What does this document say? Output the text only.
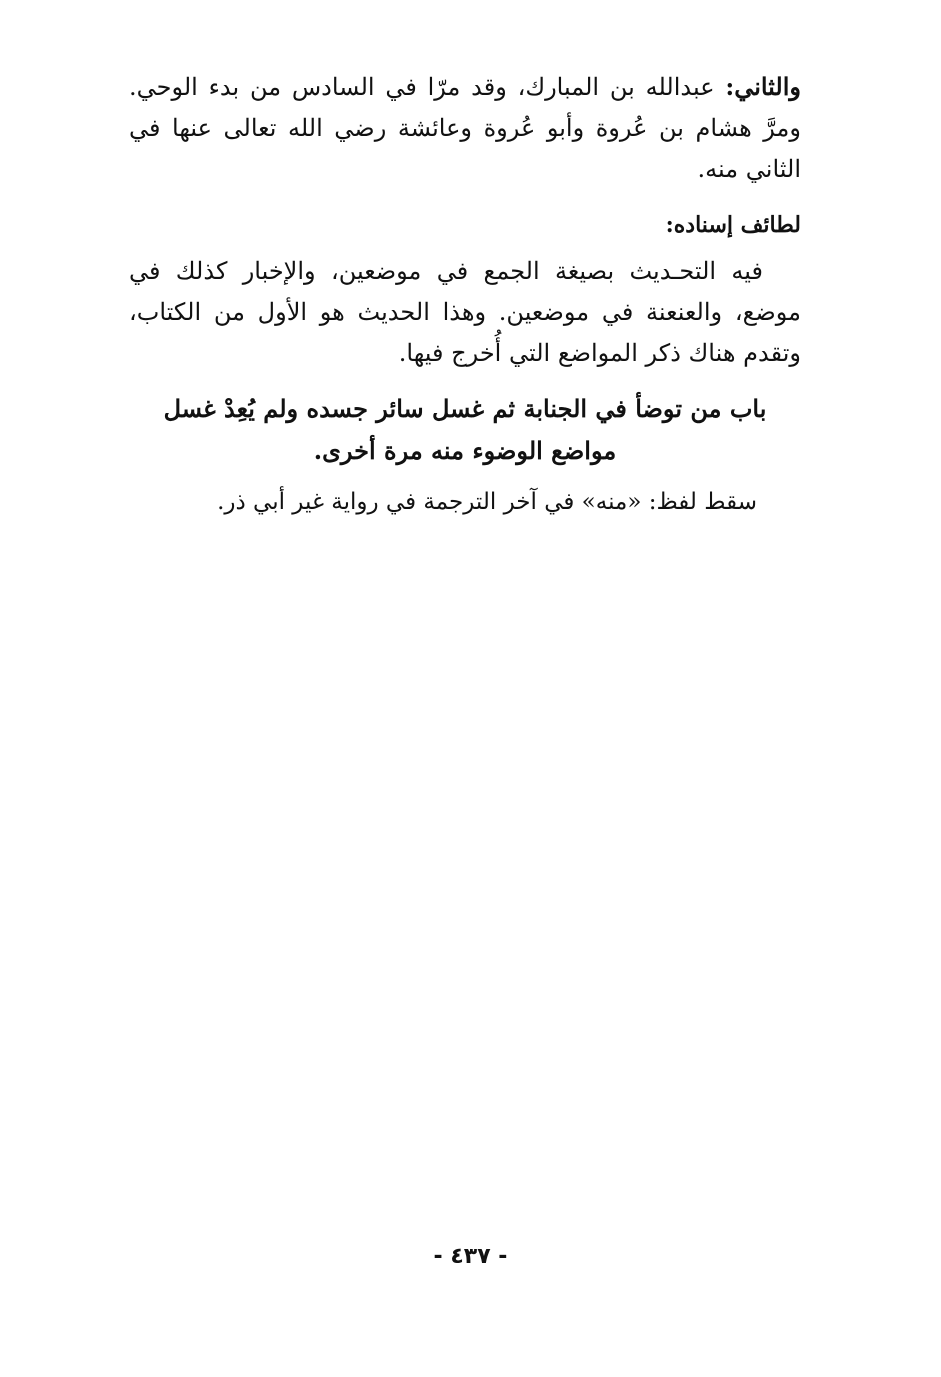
والثاني: عبدالله بن المبارك، وقد مرّا في السادس من بدء الوحي. ومرَّ هشام بن عُروة وأبو عُروة وعائشة رضي الله تعالى عنها في الثاني منه.

لطائف إسناده:

فيه التحـديث بصيغة الجمع في موضعين، والإخبار كذلك في موضع، والعنعنة في موضعين. وهذا الحديث هو الأول من الكتاب، وتقدم هناك ذكر المواضع التي أُخرج فيها.

باب من توضأ في الجنابة ثم غسل سائر جسده ولم يُعِدْ غسل مواضع الوضوء منه مرة أخرى.

سقط لفظ: «منه» في آخر الترجمة في رواية غير أبي ذر.

- ٤٣٧ -
